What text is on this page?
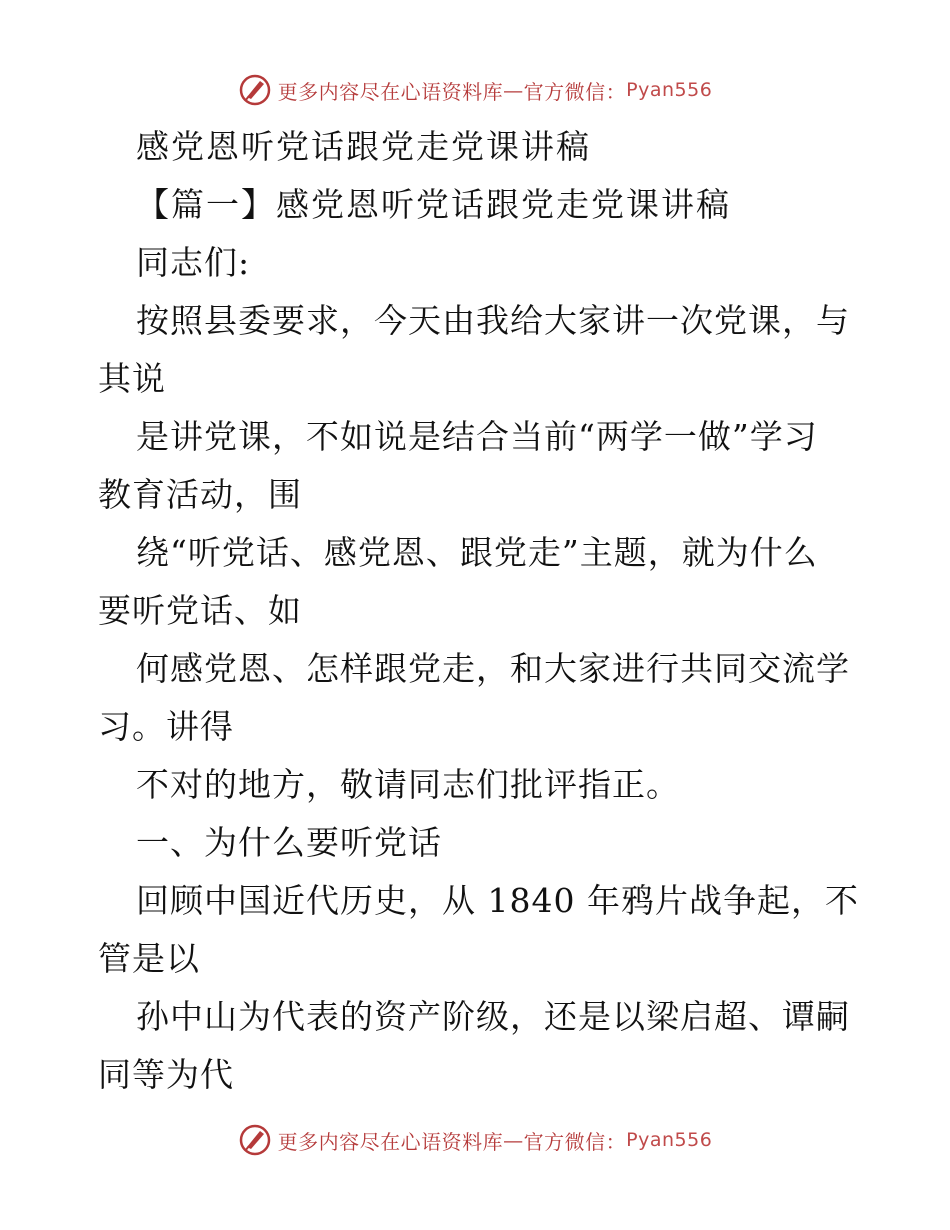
更多内容尽在心语资料库 — 官方微信： Pyan556
感党恩听党话跟党走党课讲稿
【篇一】感党恩听党话跟党走党课讲稿
同志们:
按照县委要求，今天由我给大家讲一次党课，与
其说
是讲党课，不如说是结合当前“两学一做”学习
教育活动，围
绕“听党话、感党恩、跟党走”主题，就为什么
要听党话、如
何感党恩、怎样跟党走，和大家进行共同交流学
习。讲得
不对的地方，敬请同志们批评指正。
一、为什么要听党话
回顾中国近代历史，从 1840 年鸦片战争起，不
管是以
孙中山为代表的资产阶级，还是以梁启超、谭嗣
同等为代
更多内容尽在心语资料库 — 官方微信： Pyan556
